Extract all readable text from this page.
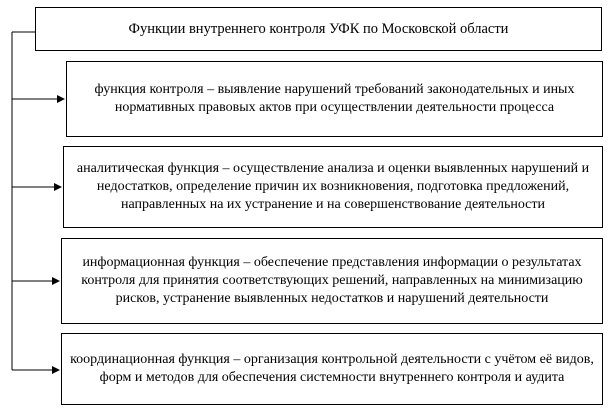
Функции внутреннего контроля УФК по Московской области
функция контроля – выявление нарушений требований законодательных и иных нормативных правовых актов при осуществлении деятельности процесса
аналитическая функция – осуществление анализа и оценки выявленных нарушений и недостатков, определение причин их возникновения, подготовка предложений, направленных на их устранение и на совершенствование деятельности
информационная функция – обеспечение представления информации о результатах контроля для принятия соответствующих решений, направленных на минимизацию рисков, устранение выявленных недостатков и нарушений деятельности
координационная функция – организация контрольной деятельности с учётом её видов, форм и методов для обеспечения системности внутреннего контроля и аудита
